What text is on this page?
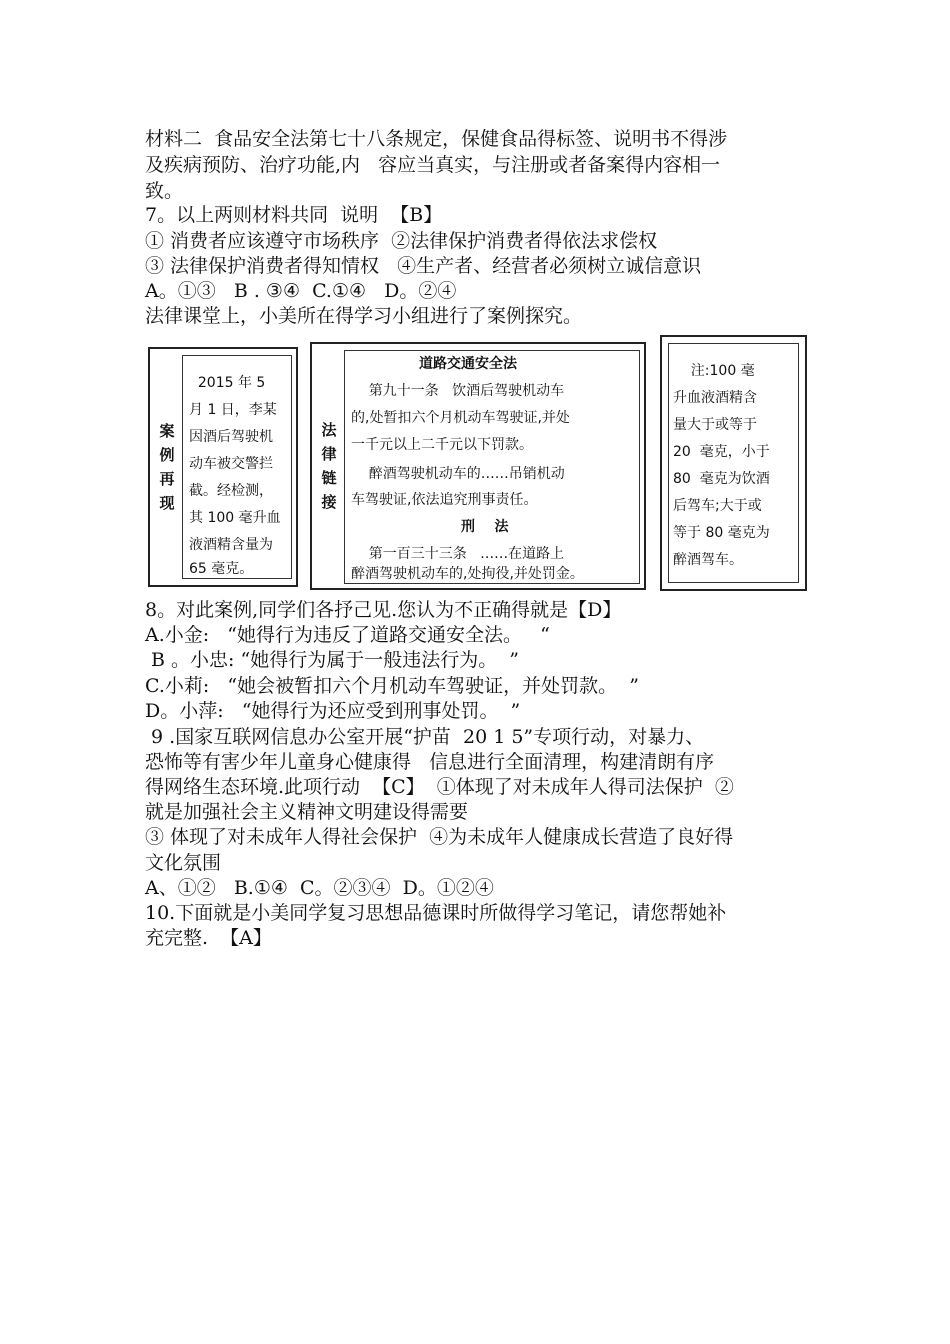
材料二  食品安全法第七十八条规定，保健食品得标签、说明书不得涉
及疾病预防、治疗功能,内   容应当真实，与注册或者备案得内容相一
致。
7。以上两则材料共同  说明  【B】
① 消费者应该遵守市场秩序  ②法律保护消费者得依法求偿权
③ 法律保护消费者得知情权   ④生产者、经营者必须树立诚信意识
A。①③   B . ③④  C.①④   D。②④
法律课堂上，小美所在得学习小组进行了案例探究。
案例再现
2015 年 5
月 1 日，李某
因酒后驾驶机
动车被交警拦
截。经检测，
其 100 毫升血
液酒精含量为
65 毫克。
法律链接
道路交通安全法
第九十一条   饮酒后驾驶机动车
的,处暂扣六个月机动车驾驶证,并处
一千元以上二千元以下罚款。
醉酒驾驶机动车的……吊销机动
车驾驶证,依法追究刑事责任。
刑    法
第一百三十三条   ……在道路上
醉酒驾驶机动车的,处拘役,并处罚金。
注:100 毫
升血液酒精含
量大于或等于
20  毫克，小于
80  毫克为饮酒
后驾车;大于或
等于 80 毫克为
醉酒驾车。
8。对此案例,同学们各抒己见.您认为不正确得就是【D】
A.小金:   “她得行为违反了道路交通安全法。   “
B 。小忠: “她得行为属于一般违法行为。  ”
C.小莉:   “她会被暂扣六个月机动车驾驶证，并处罚款。  ”
D。小萍:   “她得行为还应受到刑事处罚。  ”
9 .国家互联网信息办公室开展“护苗  20 1 5”专项行动，对暴力、
恐怖等有害少年儿童身心健康得   信息进行全面清理，构建清朗有序
得网络生态环境.此项行动  【C】  ①体现了对未成年人得司法保护  ②
就是加强社会主义精神文明建设得需要
③ 体现了对未成年人得社会保护  ④为未成年人健康成长营造了良好得
文化氛围
A、①②   B.①④  C。②③④  D。①②④
10.下面就是小美同学复习思想品德课时所做得学习笔记，请您帮她补
充完整.  【A】
